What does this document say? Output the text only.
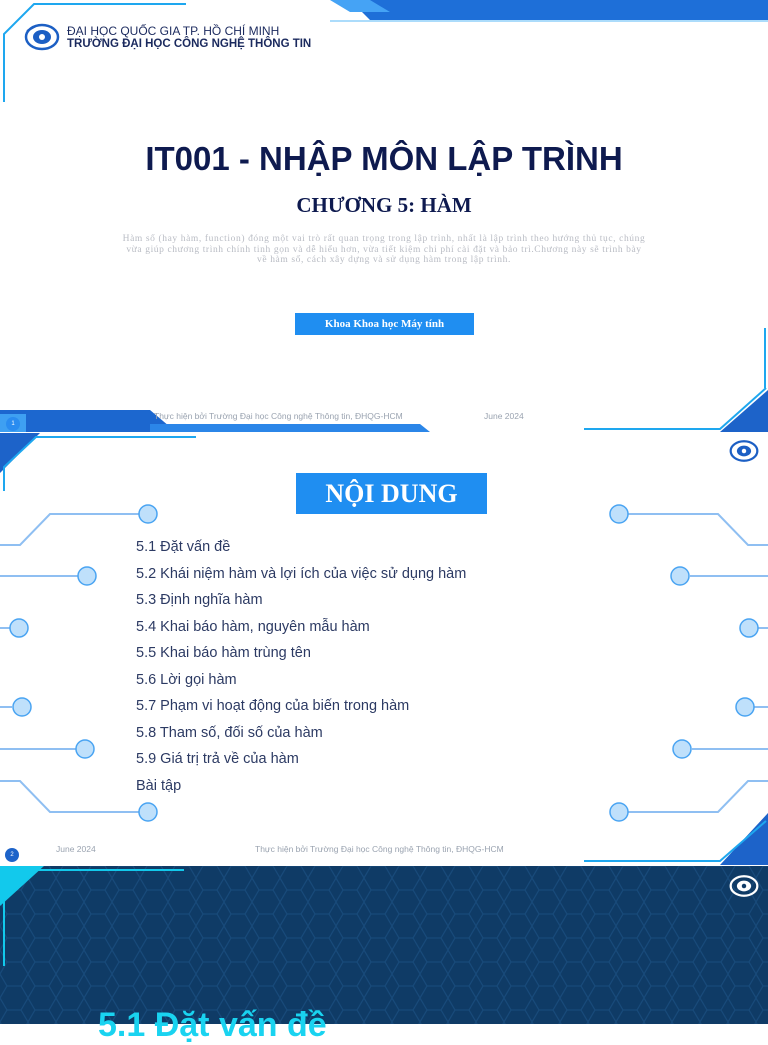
ĐẠI HỌC QUỐC GIA TP. HỒ CHÍ MINH
TRƯỜNG ĐẠI HỌC CÔNG NGHỆ THÔNG TIN
IT001 - NHẬP MÔN LẬP TRÌNH
CHƯƠNG 5: HÀM
Hàm số (hay hàm, function) đóng một vai trò rất quan trọng trong lập trình, nhất là lập trình theo hướng thủ tục, chúng vừa giúp chương trình chính tinh gọn và dễ hiểu hơn, vừa tiết kiệm chi phí cài đặt và bảo trì.Chương này sẽ trình bày về hàm số, cách xây dựng và sử dụng hàm trong lập trình.
Khoa Khoa học Máy tính
1
Thực hiện bởi Trường Đại học Công nghệ Thông tin, ĐHQG-HCM	June 2024
NỘI DUNG
5.1 Đặt vấn đề
5.2 Khái niệm hàm và lợi ích của việc sử dụng hàm
5.3 Định nghĩa hàm
5.4 Khai báo hàm, nguyên mẫu hàm
5.5 Khai báo hàm trùng tên
5.6 Lời gọi hàm
5.7 Phạm vi hoạt động của biến trong hàm
5.8 Tham số, đối số của hàm
5.9 Giá trị trả về của hàm
Bài tập
2
June 2024	Thực hiện bởi Trường Đại học Công nghệ Thông tin, ĐHQG-HCM
5.1 Đặt vấn đề
